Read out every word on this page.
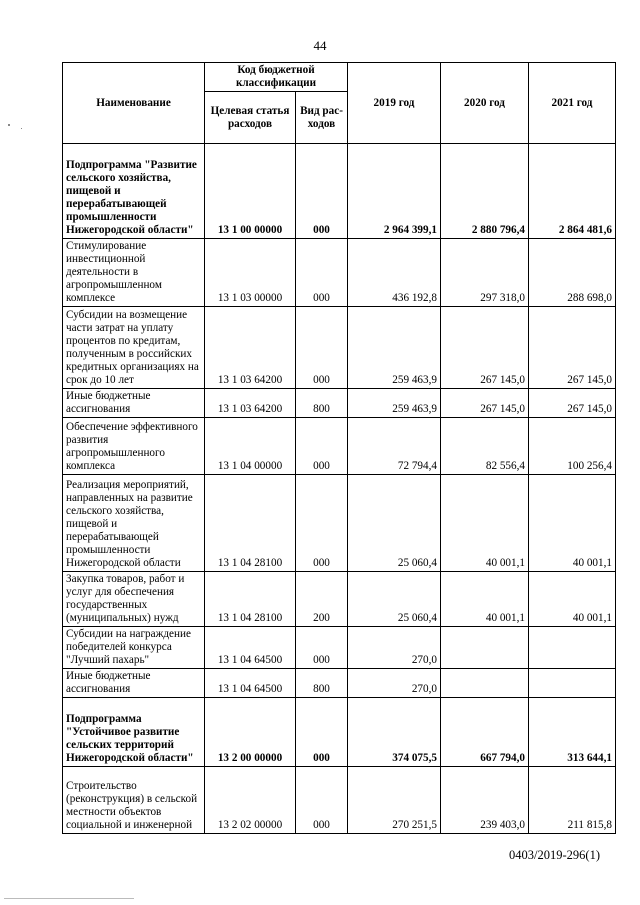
44
Наименование	Код бюджетной классификации		2019 год	2020 год	2021 год
	Целевая статья расходов	Вид рас-ходов			
Подпрограмма "Развитие сельского хозяйства, пищевой и перерабатывающей промышленности Нижегородской области"	13 1 00 00000	000	2 964 399,1	2 880 796,4	2 864 481,6
Стимулирование инвестиционной деятельности в агропромышленном комплексе	13 1 03 00000	000	436 192,8	297 318,0	288 698,0
Субсидии на возмещение части затрат на уплату процентов по кредитам, полученным в российских кредитных организациях на срок до 10 лет	13 1 03 64200	000	259 463,9	267 145,0	267 145,0
Иные бюджетные ассигнования	13 1 03 64200	800	259 463,9	267 145,0	267 145,0
Обеспечение эффективного развития агропромышленного комплекса	13 1 04 00000	000	72 794,4	82 556,4	100 256,4
Реализация мероприятий, направленных на развитие сельского хозяйства, пищевой и перерабатывающей промышленности Нижегородской области	13 1 04 28100	000	25 060,4	40 001,1	40 001,1
Закупка товаров, работ и услуг для обеспечения государственных (муниципальных) нужд	13 1 04 28100	200	25 060,4	40 001,1	40 001,1
Субсидии на награждение победителей конкурса "Лучший пахарь"	13 1 04 64500	000	270,0		
Иные бюджетные ассигнования	13 1 04 64500	800	270,0		
Подпрограмма "Устойчивое развитие сельских территорий Нижегородской области"	13 2 00 00000	000	374 075,5	667 794,0	313 644,1
Строительство (реконструкция) в сельской местности объектов социальной и инженерной	13 2 02 00000	000	270 251,5	239 403,0	211 815,8
0403/2019-296(1)
